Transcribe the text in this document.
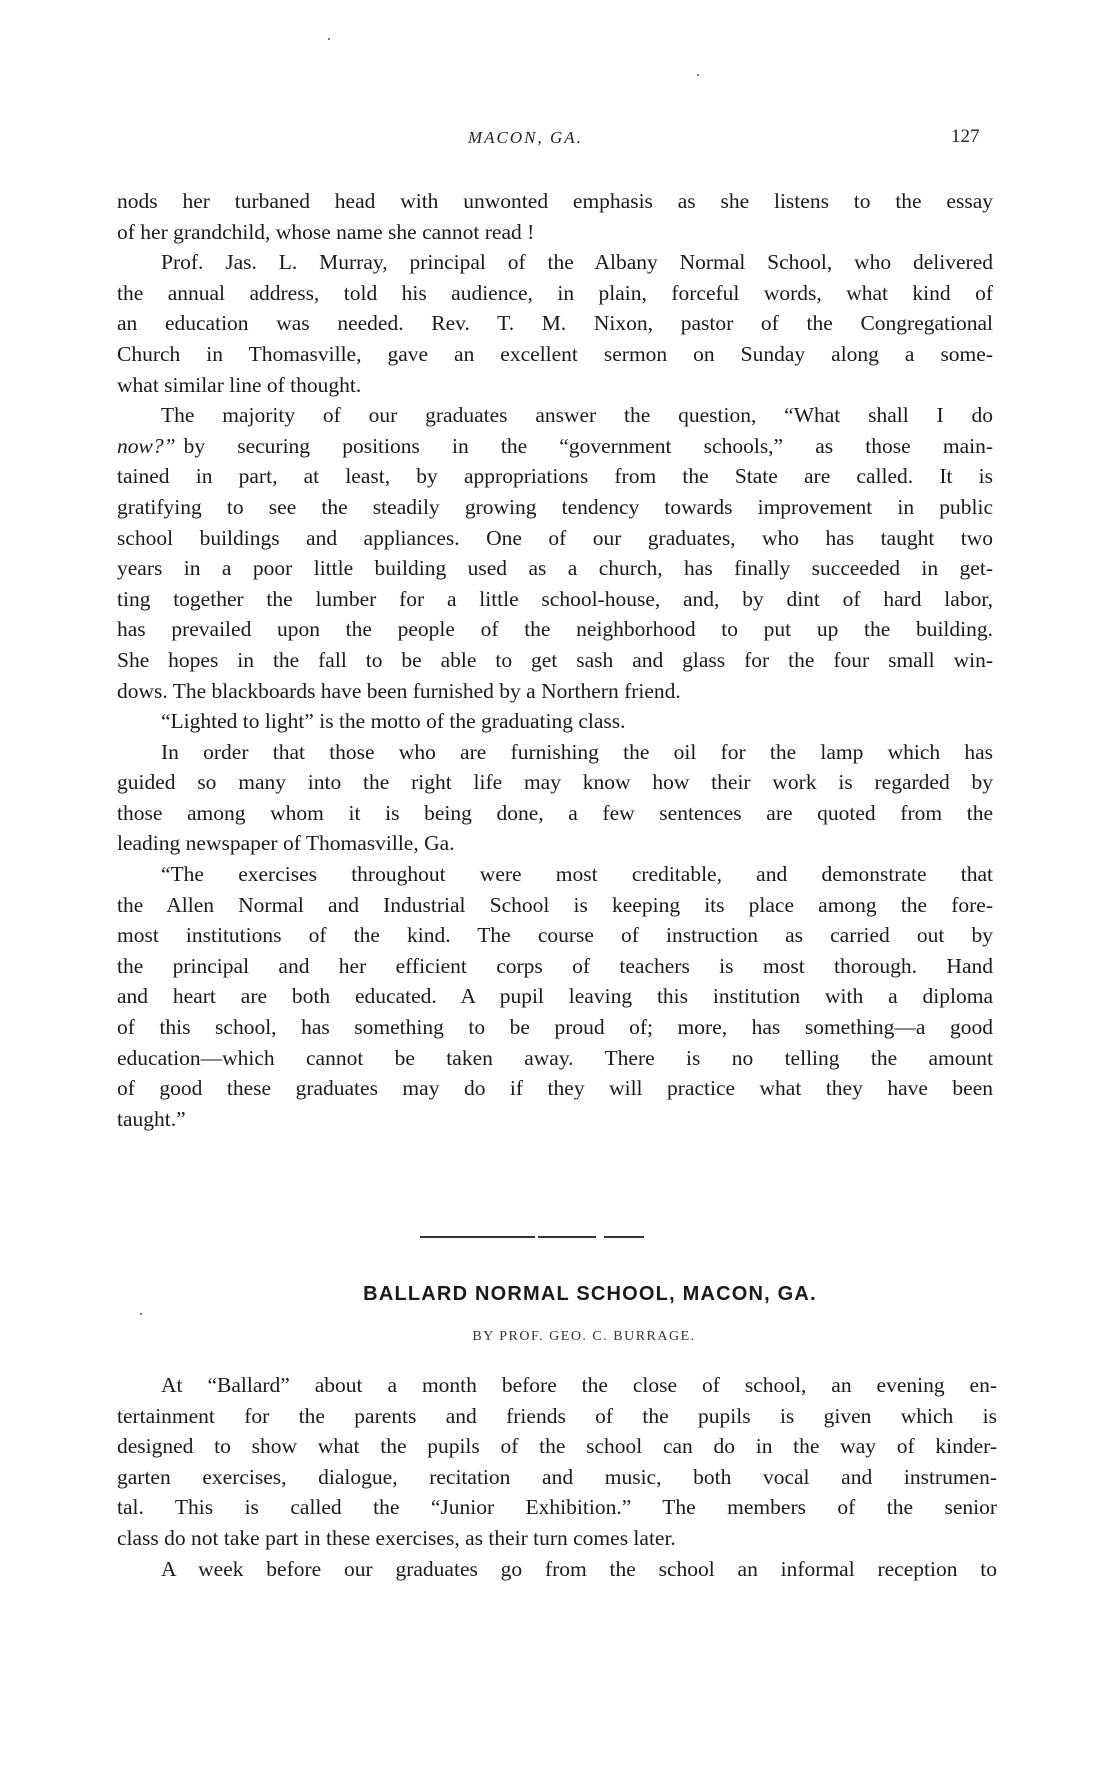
MACON, GA.	127
nods her turbaned head with unwonted emphasis as she listens to the essay
of her grandchild, whose name she cannot read !
Prof. Jas. L. Murray, principal of the Albany Normal School, who delivered
the annual address, told his audience, in plain, forceful words, what kind of
an education was needed. Rev. T. M. Nixon, pastor of the Congregational
Church in Thomasville, gave an excellent sermon on Sunday along a some-
what similar line of thought.
The majority of our graduates answer the question, “What shall I do
now?” by securing positions in the “government schools,” as those main-
tained in part, at least, by appropriations from the State are called. It is
gratifying to see the steadily growing tendency towards improvement in public
school buildings and appliances. One of our graduates, who has taught two
years in a poor little building used as a church, has finally succeeded in get-
ting together the lumber for a little school-house, and, by dint of hard labor,
has prevailed upon the people of the neighborhood to put up the building.
She hopes in the fall to be able to get sash and glass for the four small win-
dows. The blackboards have been furnished by a Northern friend.
“Lighted to light” is the motto of the graduating class.
In order that those who are furnishing the oil for the lamp which has
guided so many into the right life may know how their work is regarded by
those among whom it is being done, a few sentences are quoted from the
leading newspaper of Thomasville, Ga.
“The exercises throughout were most creditable, and demonstrate that
the Allen Normal and Industrial School is keeping its place among the fore-
most institutions of the kind. The course of instruction as carried out by
the principal and her efficient corps of teachers is most thorough. Hand
and heart are both educated. A pupil leaving this institution with a diploma
of this school, has something to be proud of; more, has something—a good
education—which cannot be taken away. There is no telling the amount
of good these graduates may do if they will practice what they have been
taught.”
BALLARD NORMAL SCHOOL, MACON, GA.
BY PROF. GEO. C. BURRAGE.
At “Ballard” about a month before the close of school, an evening en-
tertainment for the parents and friends of the pupils is given which is
designed to show what the pupils of the school can do in the way of kinder-
garten exercises, dialogue, recitation and music, both vocal and instrumen-
tal. This is called the “Junior Exhibition.” The members of the senior
class do not take part in these exercises, as their turn comes later.
A week before our graduates go from the school an informal reception to
